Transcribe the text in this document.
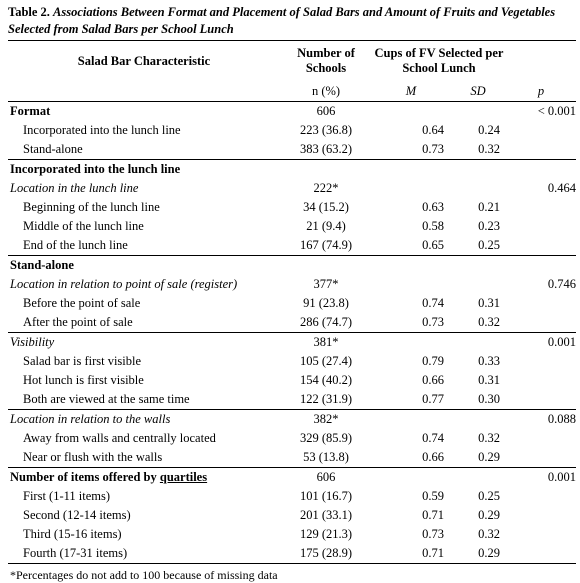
Table 2. Associations Between Format and Placement of Salad Bars and Amount of Fruits and Vegetables Selected from Salad Bars per School Lunch
Salad Bar Characteristic	Number of Schools	Cups of FV Selected per School Lunch		
	n (%)	M	SD	p
Format	606			< 0.001
Incorporated into the lunch line	223 (36.8)	0.64	0.24	
Stand-alone	383 (63.2)	0.73	0.32	
Incorporated into the lunch line				
Location in the lunch line	222*			0.464
Beginning of the lunch line	34 (15.2)	0.63	0.21	
Middle of the lunch line	21 (9.4)	0.58	0.23	
End of the lunch line	167 (74.9)	0.65	0.25	
Stand-alone				
Location in relation to point of sale (register)	377*			0.746
Before the point of sale	91 (23.8)	0.74	0.31	
After the point of sale	286 (74.7)	0.73	0.32	
Visibility	381*			0.001
Salad bar is first visible	105 (27.4)	0.79	0.33	
Hot lunch is first visible	154 (40.2)	0.66	0.31	
Both are viewed at the same time	122 (31.9)	0.77	0.30	
Location in relation to the walls	382*			0.088
Away from walls and centrally located	329 (85.9)	0.74	0.32	
Near or flush with the walls	53 (13.8)	0.66	0.29	
Number of items offered by quartiles	606			0.001
First (1-11 items)	101 (16.7)	0.59	0.25	
Second (12-14 items)	201 (33.1)	0.71	0.29	
Third (15-16 items)	129 (21.3)	0.73	0.32	
Fourth (17-31 items)	175 (28.9)	0.71	0.29	
*Percentages do not add to 100 because of missing data
